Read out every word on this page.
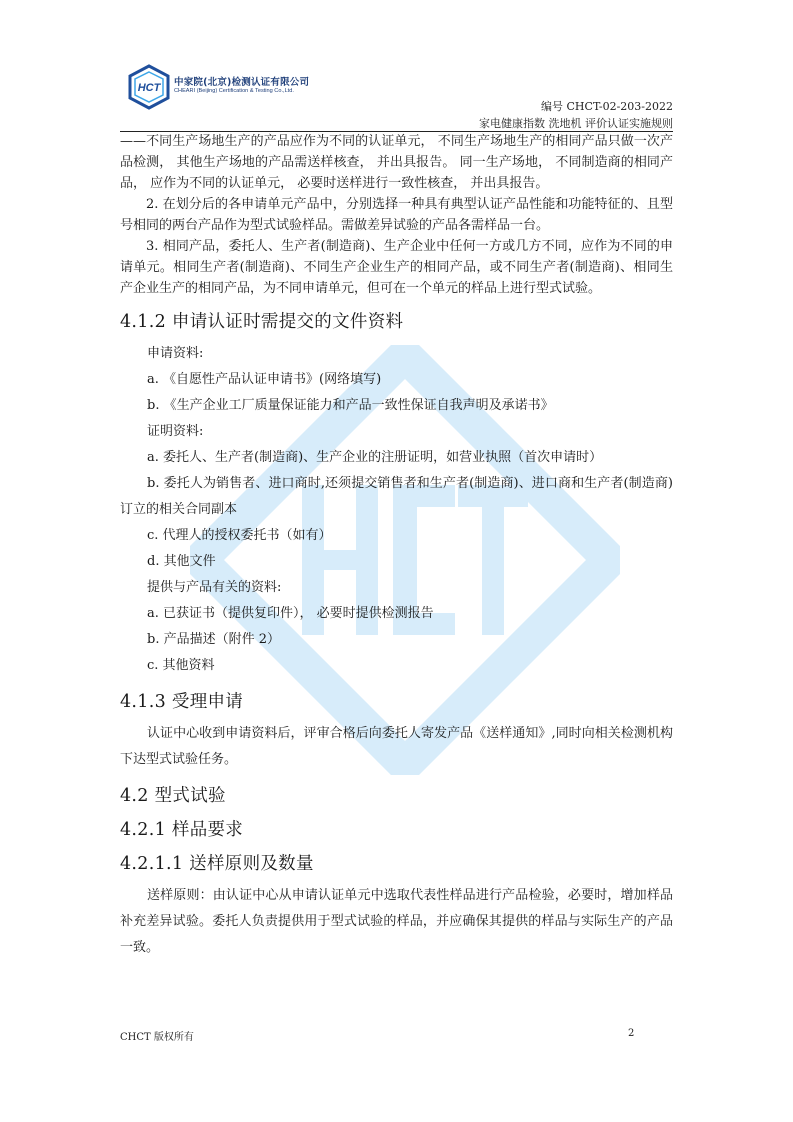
HCT 中家院(北京)检测认证有限公司
CHEARI (Beijing) Certification & Testing Co.,Ltd.
编号 CHCT-02-203-2022
家电健康指数 洗地机 评价认证实施规则
——不同生产场地生产的产品应作为不同的认证单元， 不同生产场地生产的相同产品只做一次产品检测， 其他生产场地的产品需送样核查， 并出具报告。 同一生产场地， 不同制造商的相同产品， 应作为不同的认证单元， 必要时送样进行一致性核查， 并出具报告。
2. 在划分后的各申请单元产品中，分别选择一种具有典型认证产品性能和功能特征的、且型号相同的两台产品作为型式试验样品。需做差异试验的产品各需样品一台。
3. 相同产品，委托人、生产者(制造商)、生产企业中任何一方或几方不同，应作为不同的申请单元。相同生产者(制造商)、不同生产企业生产的相同产品，或不同生产者(制造商)、相同生产企业生产的相同产品，为不同申请单元，但可在一个单元的样品上进行型式试验。
4.1.2 申请认证时需提交的文件资料
申请资料:
a. 《自愿性产品认证申请书》(网络填写)
b. 《生产企业工厂质量保证能力和产品一致性保证自我声明及承诺书》
证明资料:
a. 委托人、生产者(制造商)、生产企业的注册证明，如营业执照（首次申请时）
b. 委托人为销售者、进口商时,还须提交销售者和生产者(制造商)、进口商和生产者(制造商)订立的相关合同副本
c. 代理人的授权委托书（如有）
d. 其他文件
提供与产品有关的资料:
a. 已获证书（提供复印件）， 必要时提供检测报告
b. 产品描述（附件 2）
c. 其他资料
4.1.3 受理申请
认证中心收到申请资料后，评审合格后向委托人寄发产品《送样通知》,同时向相关检测机构下达型式试验任务。
4.2 型式试验
4.2.1 样品要求
4.2.1.1 送样原则及数量
送样原则：由认证中心从申请认证单元中选取代表性样品进行产品检验，必要时，增加样品补充差异试验。委托人负责提供用于型式试验的样品，并应确保其提供的样品与实际生产的产品一致。
CHCT 版权所有	2
